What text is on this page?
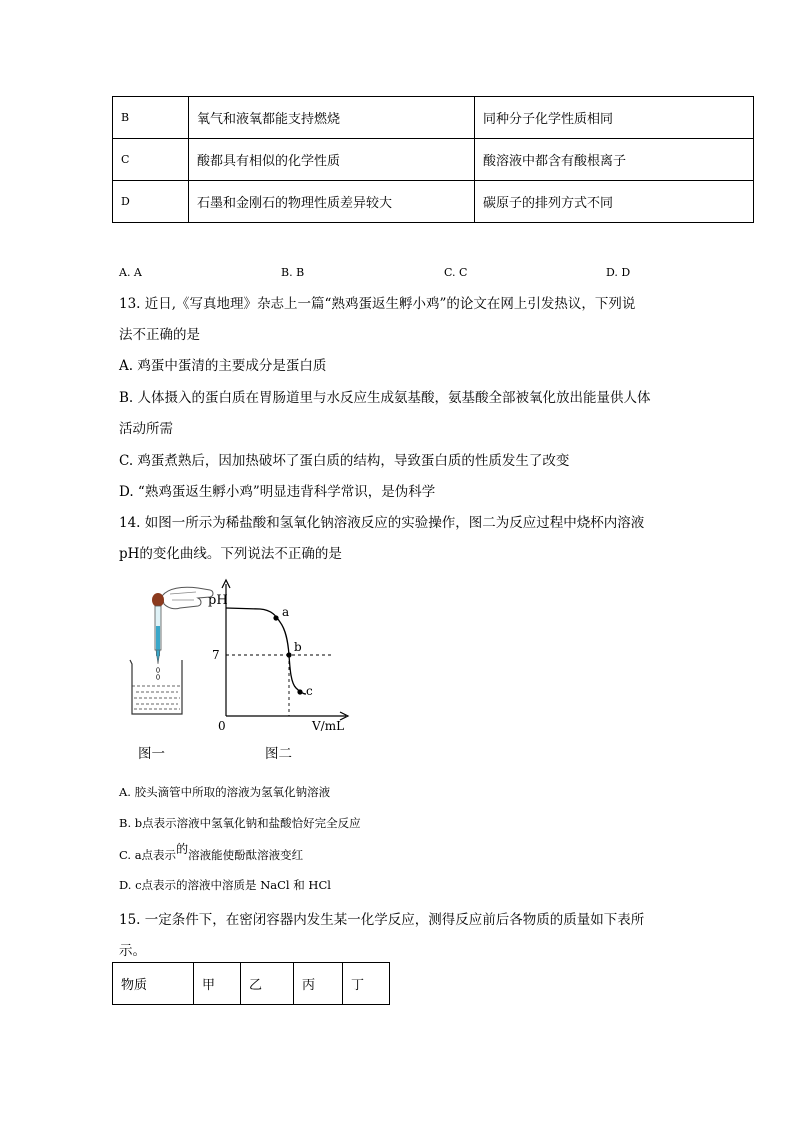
B	氧气和液氧都能支持燃烧	同种分子化学性质相同
C	酸都具有相似的化学性质	酸溶液中都含有酸根离子
D	石墨和金刚石的物理性质差异较大	碳原子的排列方式不同
A. A	B. B	C. C	D. D
13. 近日,《写真地理》杂志上一篇“熟鸡蛋返生孵小鸡”的论文在网上引发热议，下列说
法不正确的是
A. 鸡蛋中蛋清的主要成分是蛋白质
B. 人体摄入的蛋白质在胃肠道里与水反应生成氨基酸，氨基酸全部被氧化放出能量供人体
活动所需
C. 鸡蛋煮熟后，因加热破坏了蛋白质的结构，导致蛋白质的性质发生了改变
D. “熟鸡蛋返生孵小鸡”明显违背科学常识，是伪科学
14. 如图一所示为稀盐酸和氢氧化钠溶液反应的实验操作，图二为反应过程中烧杯内溶液
pH的变化曲线。下列说法不正确的是
pH
7
0	V/mL
a
b
c
图一	图二
A. 胶头滴管中所取的溶液为氢氧化钠溶液
B. b点表示溶液中氢氧化钠和盐酸恰好完全反应
C. a点表示的溶液能使酚酞溶液变红
D. c点表示的溶液中溶质是 NaCl 和 HCl
15. 一定条件下，在密闭容器内发生某一化学反应，测得反应前后各物质的质量如下表所
示。
物质	甲	乙	丙	丁
